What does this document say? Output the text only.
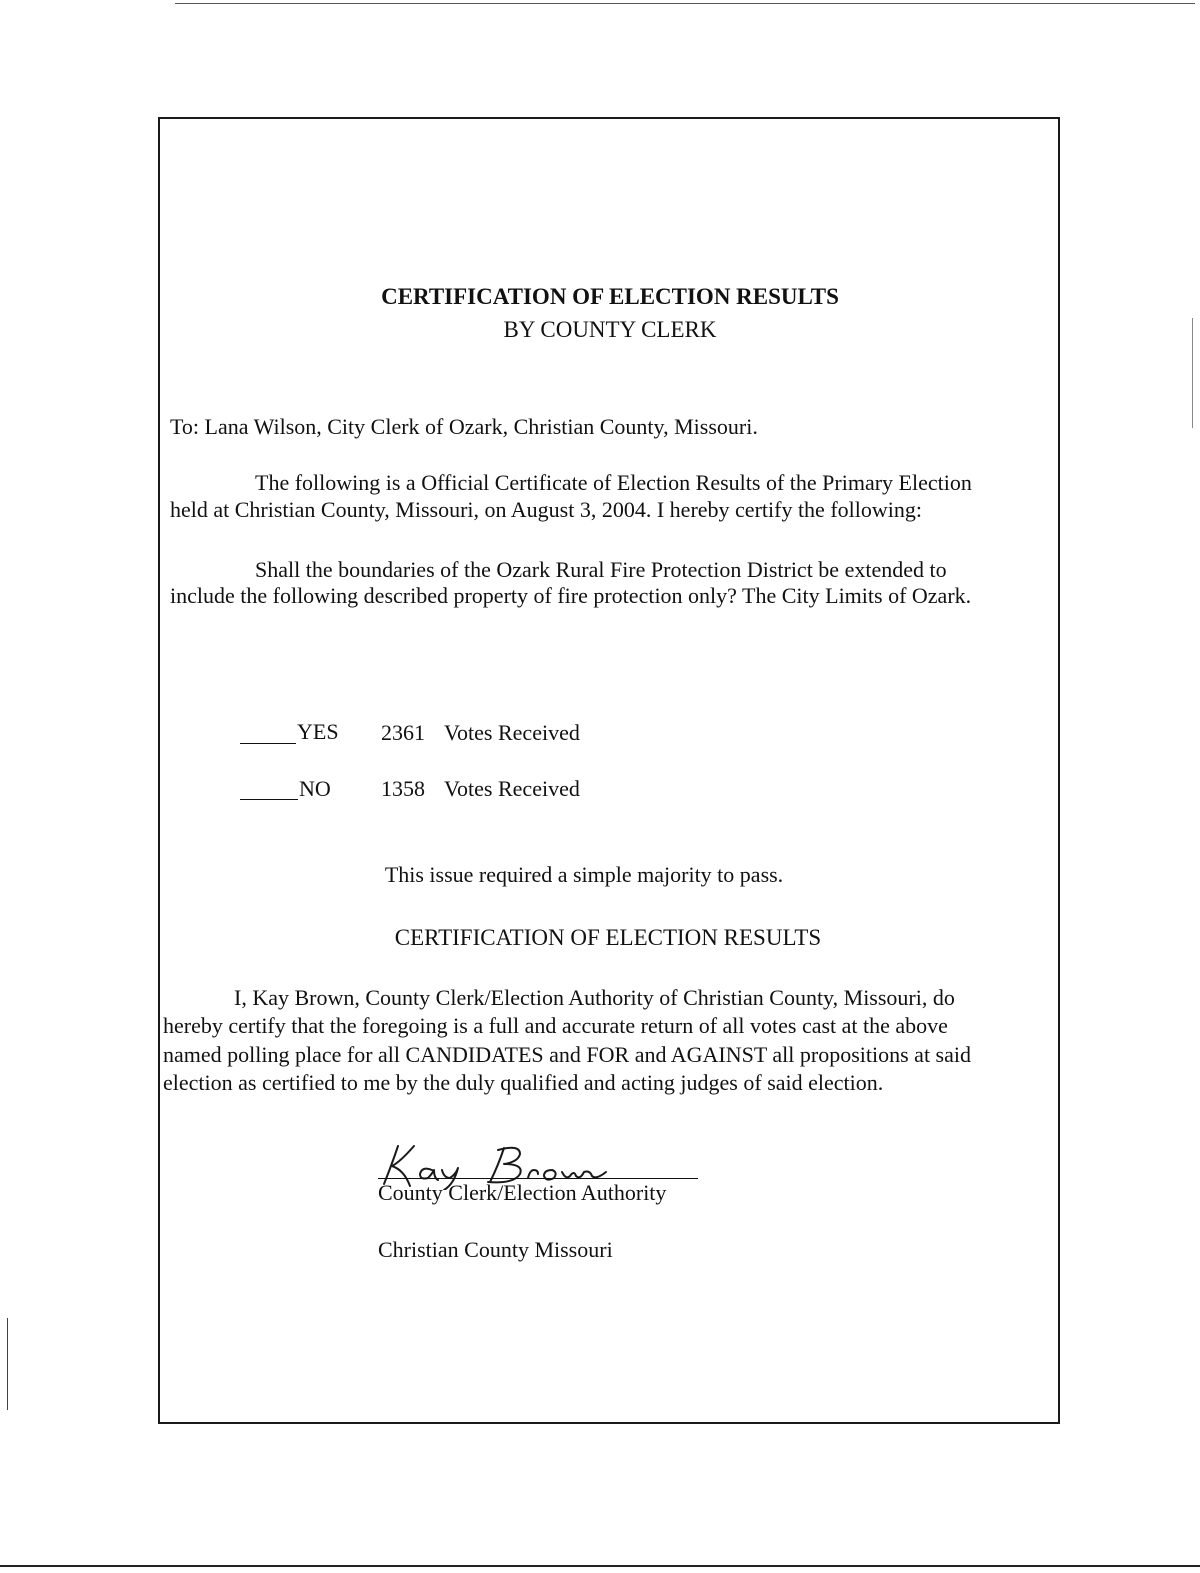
CERTIFICATION OF ELECTION RESULTS
BY COUNTY CLERK
To: Lana Wilson, City Clerk of Ozark, Christian County, Missouri.
The following is a Official Certificate of Election Results of the Primary Election
held at Christian County, Missouri, on August 3, 2004. I hereby certify the following:
Shall the boundaries of the Ozark Rural Fire Protection District be extended to
include the following described property of fire protection only? The City Limits of Ozark.
YES 2361 Votes Received
NO 1358 Votes Received
This issue required a simple majority to pass.
CERTIFICATION OF ELECTION RESULTS
I, Kay Brown, County Clerk/Election Authority of Christian County, Missouri, do
hereby certify that the foregoing is a full and accurate return of all votes cast at the above
named polling place for all CANDIDATES and FOR and AGAINST all propositions at said
election as certified to me by the duly qualified and acting judges of said election.
County Clerk/Election Authority
Christian County Missouri
